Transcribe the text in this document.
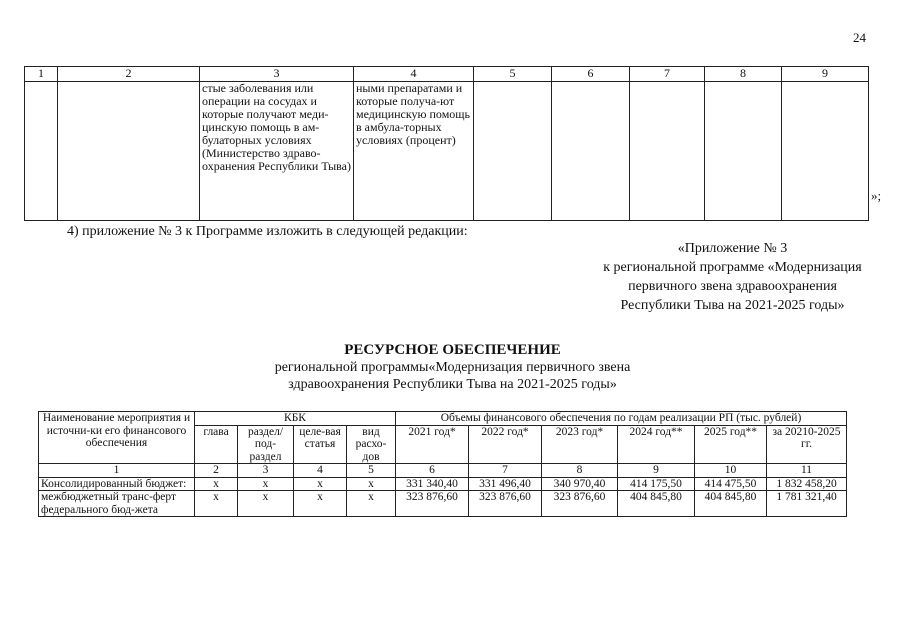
24
1	2	3	4	5	6	7	8	9
		стые заболевания или операции на сосудах и которые получают меди-цинскую помощь в ам-булаторных условиях (Министерство здраво-охранения Республики Тыва)	ными препаратами и которые получа-ют медицинскую помощь в амбула-торных условиях (процент)					
»;
4) приложение № 3 к Программе изложить в следующей редакции:
«Приложение № 3
к региональной программе «Модернизация
первичного звена здравоохранения
Республики Тыва на 2021-2025 годы»
РЕСУРСНОЕ ОБЕСПЕЧЕНИЕ
региональной программы«Модернизация первичного звена
здравоохранения Республики Тыва на 2021-2025 годы»
Наименование мероприятия и источни-ки его финансового обеспечения	КБК				Объемы финансового обеспечения по годам реализации РП (тыс. рублей)					
	глава	раздел/ под-раздел	целе-вая статья	вид расхо-дов	2021 год*	2022 год*	2023 год*	2024 год**	2025 год**	за 20210-2025 гг.
1	2	3	4	5	6	7	8	9	10	11
Консолидированный бюджет:	х	х	х	х	331 340,40	331 496,40	340 970,40	414 175,50	414 475,50	1 832 458,20
межбюджетный транс-ферт федерального бюд-жета	х	х	х	х	323 876,60	323 876,60	323 876,60	404 845,80	404 845,80	1 781 321,40
